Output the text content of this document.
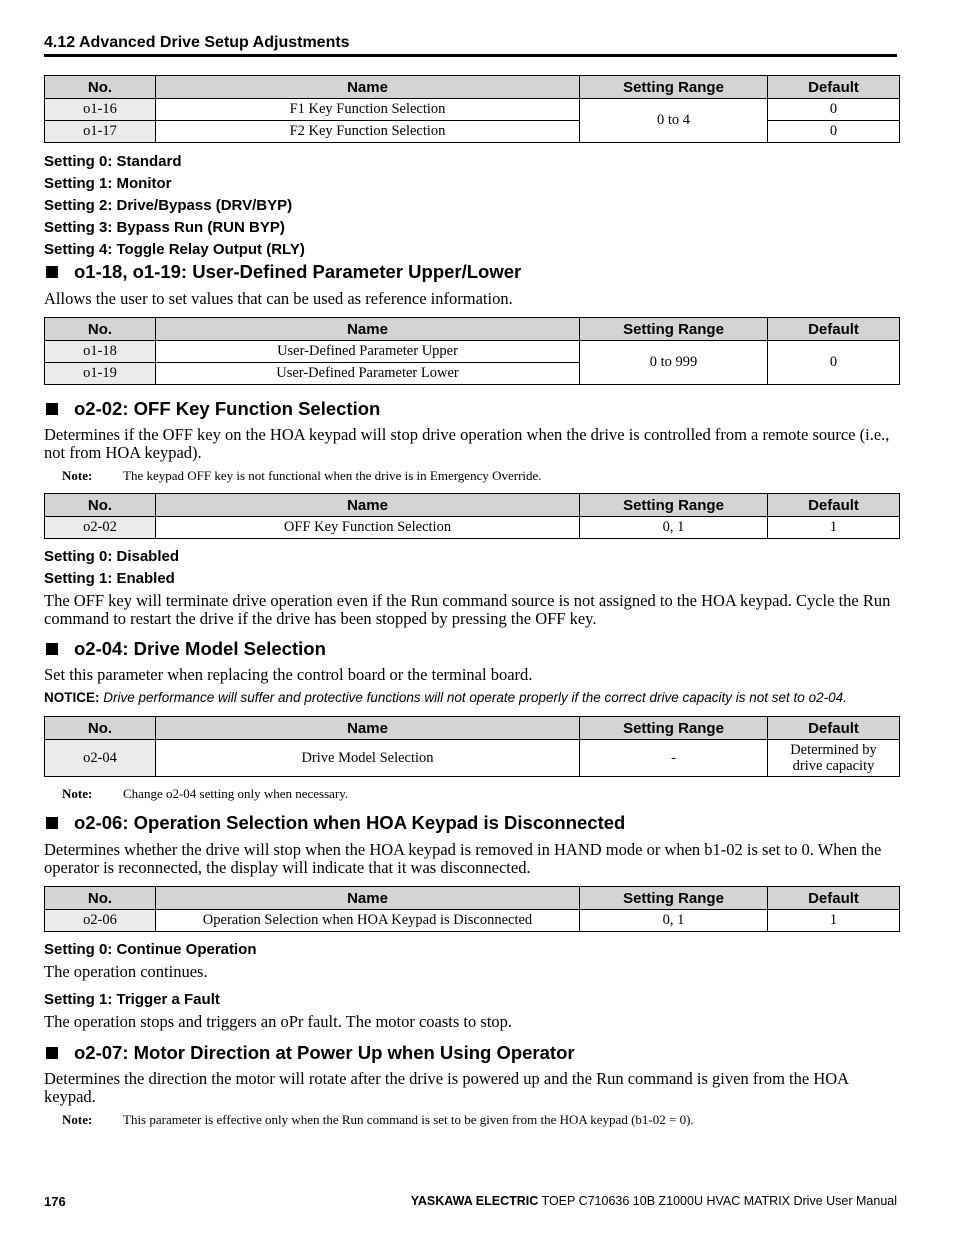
4.12 Advanced Drive Setup Adjustments
No.	Name	Setting Range	Default
o1-16	F1 Key Function Selection	0 to 4	0
o1-17	F2 Key Function Selection		0
Setting 0: Standard
Setting 1: Monitor
Setting 2: Drive/Bypass (DRV/BYP)
Setting 3: Bypass Run (RUN BYP)
Setting 4: Toggle Relay Output (RLY)
o1-18, o1-19: User-Defined Parameter Upper/Lower
Allows the user to set values that can be used as reference information.
No.	Name	Setting Range	Default
o1-18	User-Defined Parameter Upper	0 to 999	0
o1-19	User-Defined Parameter Lower		
o2-02: OFF Key Function Selection
Determines if the OFF key on the HOA keypad will stop drive operation when the drive is controlled from a remote source (i.e., not from HOA keypad).
Note:	The keypad OFF key is not functional when the drive is in Emergency Override.
No.	Name	Setting Range	Default
o2-02	OFF Key Function Selection	0, 1	1
Setting 0: Disabled
Setting 1: Enabled
The OFF key will terminate drive operation even if the Run command source is not assigned to the HOA keypad. Cycle the Run command to restart the drive if the drive has been stopped by pressing the OFF key.
o2-04: Drive Model Selection
Set this parameter when replacing the control board or the terminal board.
NOTICE: Drive performance will suffer and protective functions will not operate properly if the correct drive capacity is not set to o2-04.
No.	Name	Setting Range	Default
o2-04	Drive Model Selection	-	Determined by
drive capacity
Note:	Change o2-04 setting only when necessary.
o2-06: Operation Selection when HOA Keypad is Disconnected
Determines whether the drive will stop when the HOA keypad is removed in HAND mode or when b1-02 is set to 0. When the operator is reconnected, the display will indicate that it was disconnected.
No.	Name	Setting Range	Default
o2-06	Operation Selection when HOA Keypad is Disconnected	0, 1	1
Setting 0: Continue Operation
The operation continues.
Setting 1: Trigger a Fault
The operation stops and triggers an oPr fault. The motor coasts to stop.
o2-07: Motor Direction at Power Up when Using Operator
Determines the direction the motor will rotate after the drive is powered up and the Run command is given from the HOA keypad.
Note:	This parameter is effective only when the Run command is set to be given from the HOA keypad (b1-02 = 0).
176	YASKAWA ELECTRIC TOEP C710636 10B Z1000U HVAC MATRIX Drive User Manual
